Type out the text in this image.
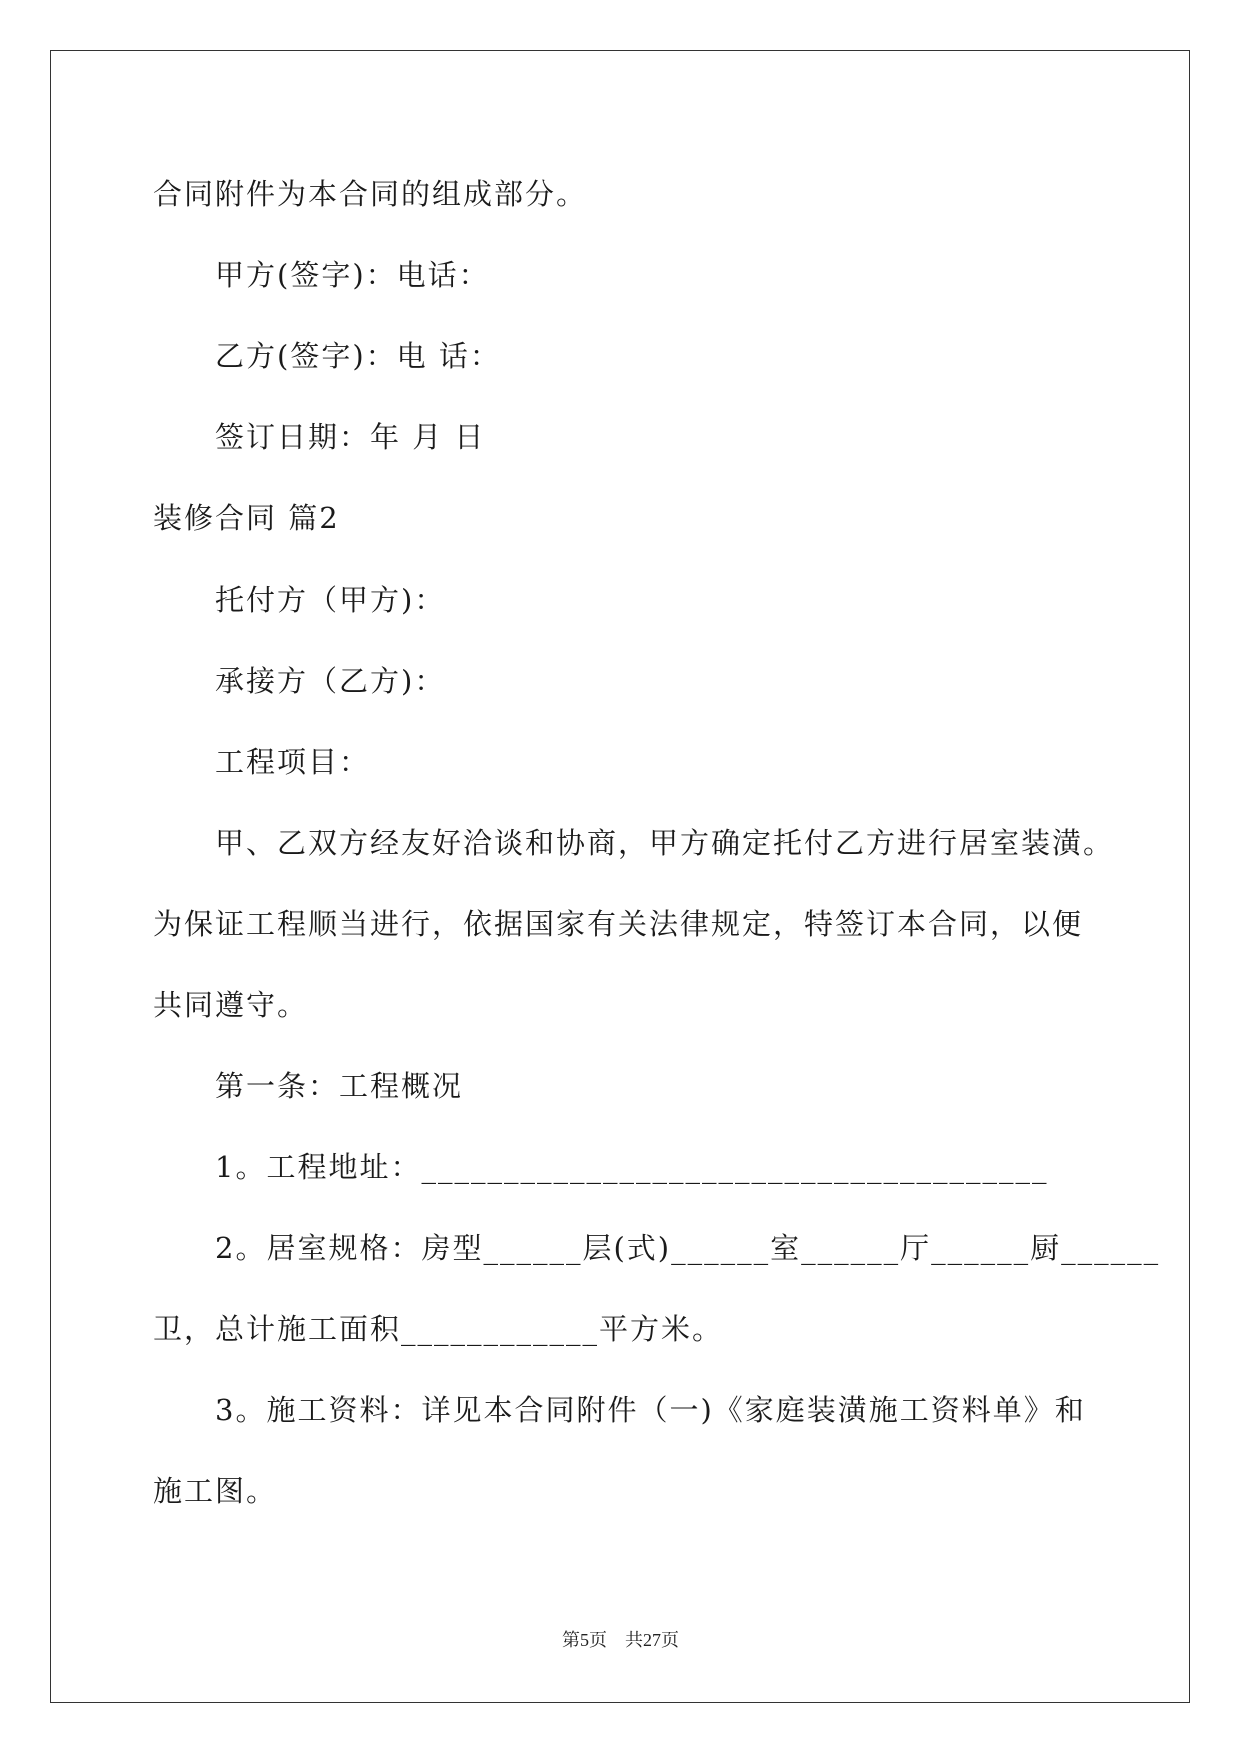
合同附件为本合同的组成部分。
甲方(签字)：电话：
乙方(签字)：电 话：
签订日期：年 月 日
装修合同 篇2
托付方（甲方)：
承接方（乙方)：
工程项目：
甲、乙双方经友好洽谈和协商，甲方确定托付乙方进行居室装潢。
为保证工程顺当进行，依据国家有关法律规定，特签订本合同，以便
共同遵守。
第一条：工程概况
1。工程地址：______________________________________
2。居室规格：房型______层(式)______室______厅______厨______
卫，总计施工面积____________平方米。
3。施工资料：详见本合同附件（一)《家庭装潢施工资料单》和
施工图。
第5页　共27页
